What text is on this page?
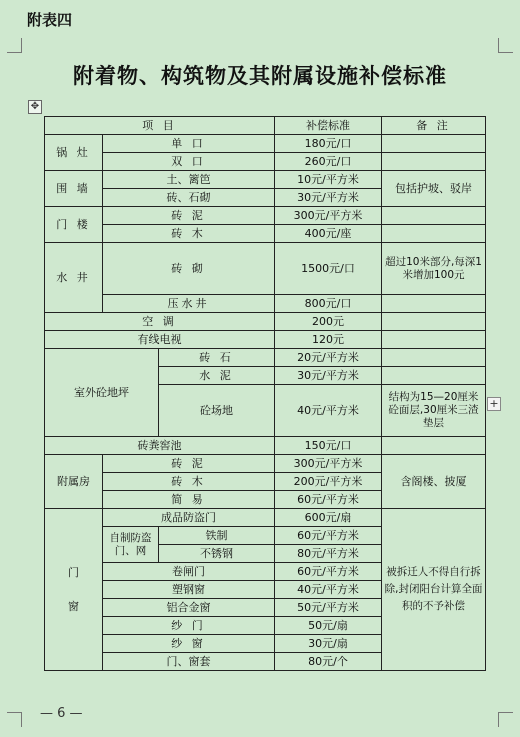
附表四
附着物、构筑物及其附属设施补偿标准
✥
+
项 目			补偿标准	备 注
锅 灶	单 口		180元/口	
	双 口		260元/口	
围 墙	土、篱笆		10元/平方米	包括护坡、驳岸
	砖、石砌		30元/平方米	
门 楼	砖 泥		300元/平方米	
	砖 木		400元/座	
水 井	砖 砌		1500元/口	超过10米部分,每深1米增加100元
	压水井		800元/口	
空 调			200元	
有线电视			120元	
室外砼地坪		砖 石	20元/平方米	
		水 泥	30元/平方米	
		砼场地	40元/平方米	结构为15—20厘米砼面层,30厘米三渣垫层
砖粪窖池			150元/口	
附属房	砖 泥		300元/平方米	含阁楼、披厦
	砖 木		200元/平方米	
	简 易		60元/平方米	
门 窗	成品防盗门		600元/扇	被拆迁人不得自行拆除,封闭阳台计算全面积的不予补偿
	自制防盗门、网	铁制	60元/平方米	
		不锈钢	80元/平方米	
	卷闸门		60元/平方米	
	塑钢窗		40元/平方米	
	铝合金窗		50元/平方米	
	纱 门		50元/扇	
	纱 窗		30元/扇	
	门、窗套		80元/个	
— 6 —
